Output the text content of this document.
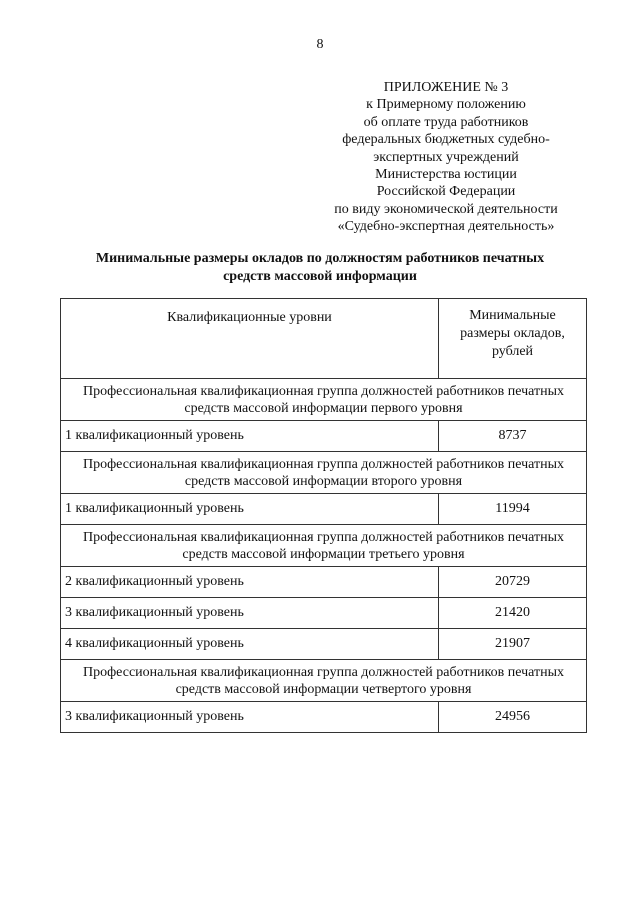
8
ПРИЛОЖЕНИЕ № 3
к Примерному положению
об оплате труда работников
федеральных бюджетных судебно-
экспертных учреждений
Министерства юстиции
Российской Федерации
по виду экономической деятельности
«Судебно-экспертная деятельность»
Минимальные размеры окладов по должностям работников печатных
средств массовой информации
Квалификационные уровни	Минимальные
размеры окладов,
рублей

Профессиональная квалификационная группа должностей работников печатных
средств массовой информации первого уровня	

1 квалификационный уровень	8737

Профессиональная квалификационная группа должностей работников печатных
средств массовой информации второго уровня	

1 квалификационный уровень	11994

Профессиональная квалификационная группа должностей работников печатных
средств массовой информации третьего уровня	

2 квалификационный уровень	20729
3 квалификационный уровень	21420
4 квалификационный уровень	21907

Профессиональная квалификационная группа должностей работников печатных
средств массовой информации четвертого уровня	

3 квалификационный уровень	24956
